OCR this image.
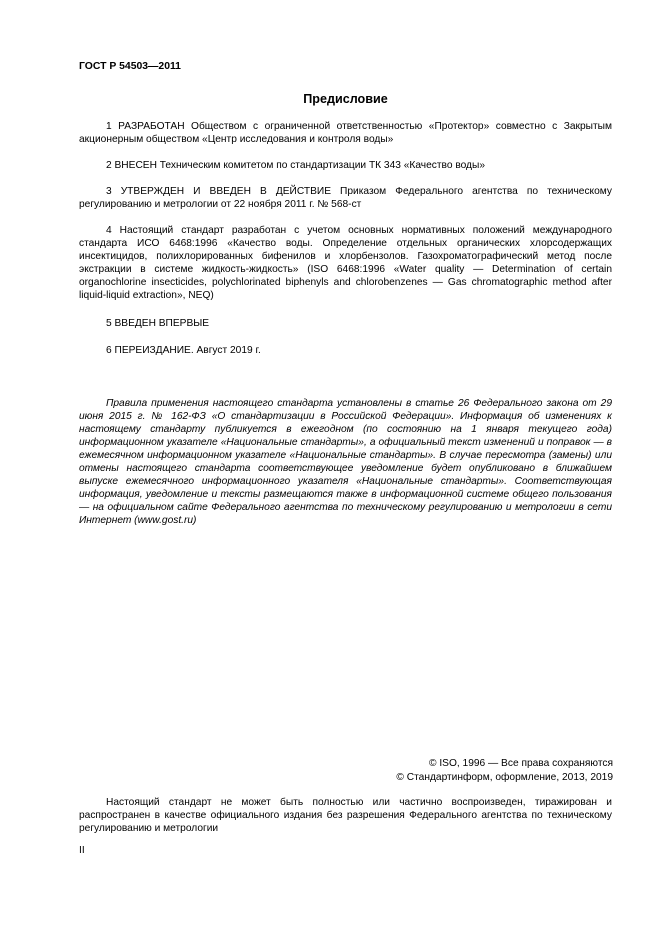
ГОСТ Р 54503—2011
Предисловие

1 РАЗРАБОТАН Обществом с ограниченной ответственностью «Протектор» совместно с Закрытым акционерным обществом «Центр исследования и контроля воды»

2 ВНЕСЕН Техническим комитетом по стандартизации ТК 343 «Качество воды»

3 УТВЕРЖДЕН И ВВЕДЕН В ДЕЙСТВИЕ Приказом Федерального агентства по техническому регулированию и метрологии от 22 ноября 2011 г. № 568-ст

4 Настоящий стандарт разработан с учетом основных нормативных положений международного стандарта ИСО 6468:1996 «Качество воды. Определение отдельных органических хлорсодержащих инсектицидов, полихлорированных бифенилов и хлорбензолов. Газохроматографический метод после экстракции в системе жидкость-жидкость» (ISO 6468:1996 «Water quality — Determination of certain organochlorine insecticides, polychlorinated biphenyls and chlorobenzenes — Gas chromatographic method after liquid-liquid extraction», NEQ)

5 ВВЕДЕН ВПЕРВЫЕ

6 ПЕРЕИЗДАНИЕ. Август 2019 г.

Правила применения настоящего стандарта установлены в статье 26 Федерального закона от 29 июня 2015 г. № 162-ФЗ «О стандартизации в Российской Федерации». Информация об изменениях к настоящему стандарту публикуется в ежегодном (по состоянию на 1 января текущего года) информационном указателе «Национальные стандарты», а официальный текст изменений и поправок — в ежемесячном информационном указателе «Национальные стандарты». В случае пересмотра (замены) или отмены настоящего стандарта соответствующее уведомление будет опубликовано в ближайшем выпуске ежемесячного информационного указателя «Национальные стандарты». Соответствующая информация, уведомление и тексты размещаются также в информационной системе общего пользования — на официальном сайте Федерального агентства по техническому регулированию и метрологии в сети Интернет (www.gost.ru)

© ISO, 1996 — Все права сохраняются
© Стандартинформ, оформление, 2013, 2019

Настоящий стандарт не может быть полностью или частично воспроизведен, тиражирован и распространен в качестве официального издания без разрешения Федерального агентства по техническому регулированию и метрологии

II
